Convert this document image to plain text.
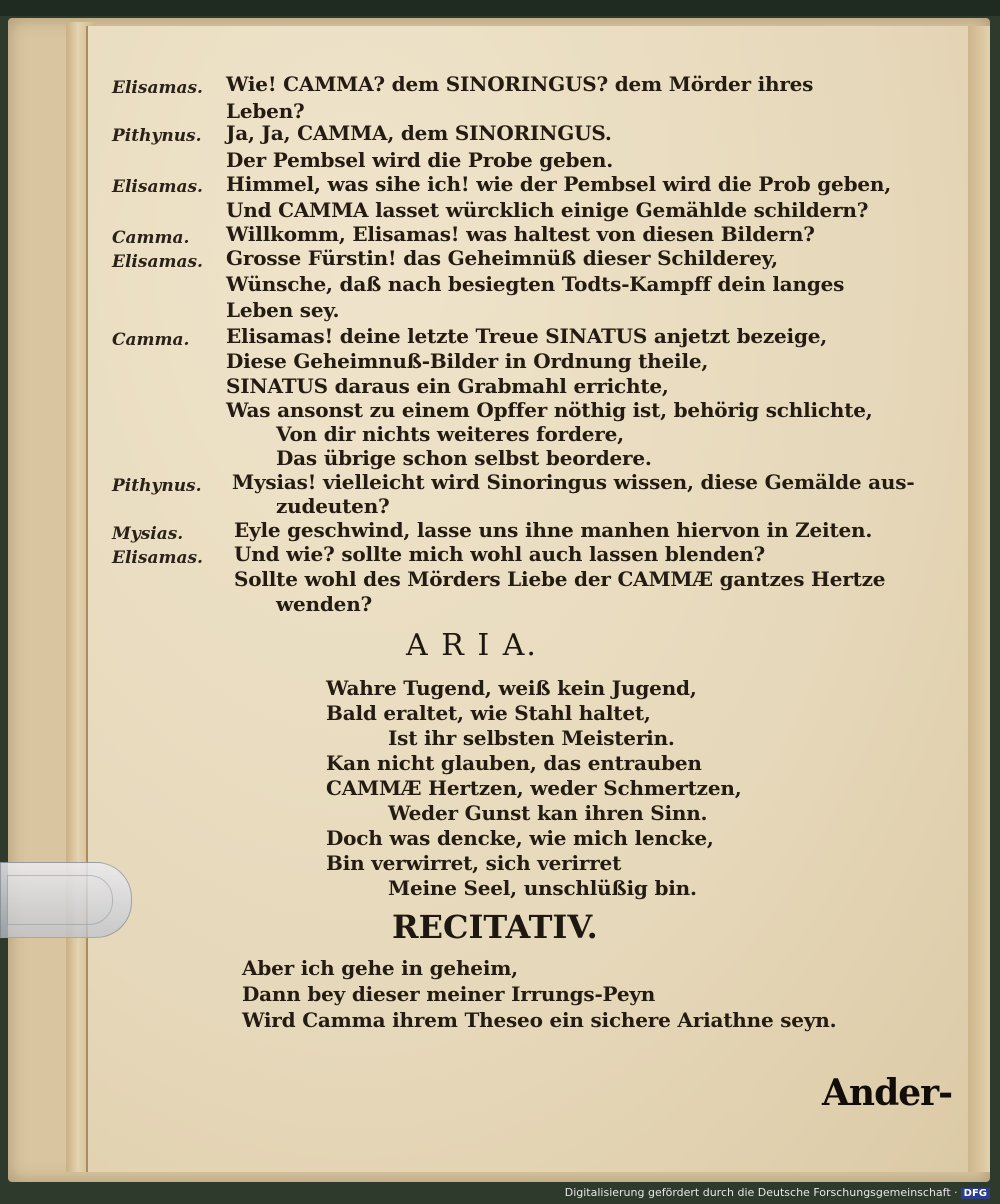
Elisamas. Wie! CAMMA? dem SINORINGUS? dem Mörder ihres
Leben?
Pithynus. Ja, Ja, CAMMA, dem SINORINGUS.
Der Pembsel wird die Probe geben.
Elisamas. Himmel, was sihe ich! wie der Pembsel wird die Prob geben,
Und CAMMA lasset würcklich einige Gemähldе schildern?
Camma. Willkomm, Elisamas! was haltest von diesen Bildern?
Elisamas. Grosse Fürstin! das Geheimnüß dieser Schilderey,
Wünsche, daß nach besiegten Todts-Kampff dein langes
Leben sey.
Camma. Elisamas! deine letzte Treue SINATUS anjetzt bezeige,
Diese Geheimnuß-Bilder in Ordnung theile,
SINATUS daraus ein Grabmahl errichte,
Was ansonst zu einem Opffer nöthig ist, behörig schlichte,
Von dir nichts weiteres fordere,
Das übrige schon selbst beordere.
Pithynus. Mysias! vielleicht wird Sinoringus wissen, diese Gemälde aus-
zudeuten?
Mysias.	Eyle geschwind, lasse uns ihne manhen hiervon in Zeiten.
Elisamas. Und wie? sollte mich wohl auch lassen blenden?
Sollte wohl des Mörders Liebe der CAMMÆ gantzes Hertze
wenden?
A R I A.
Wahre Tugend, weiß kein Jugend,
Bald eraltet, wie Stahl haltet,
Ist ihr selbsten Meisterin.
Kan nicht glauben, das entrauben
CAMMÆ Hertzen, weder Schmertzen,
Weder Gunst kan ihren Sinn.
Doch was dencke, wie mich lencke,
Bin verwirret, sich verirret
Meine Seel, unschlüßig bin.
RECITATIV.
Aber ich gehe in geheim,
Dann bey dieser meiner Irrungs-Peyn
Wird Camma ihrem Theseo ein sichere Ariathne seyn.
Ander-
Digitalisierung gefördert durch die Deutsche Forschungsgemeinschaft · DFG
